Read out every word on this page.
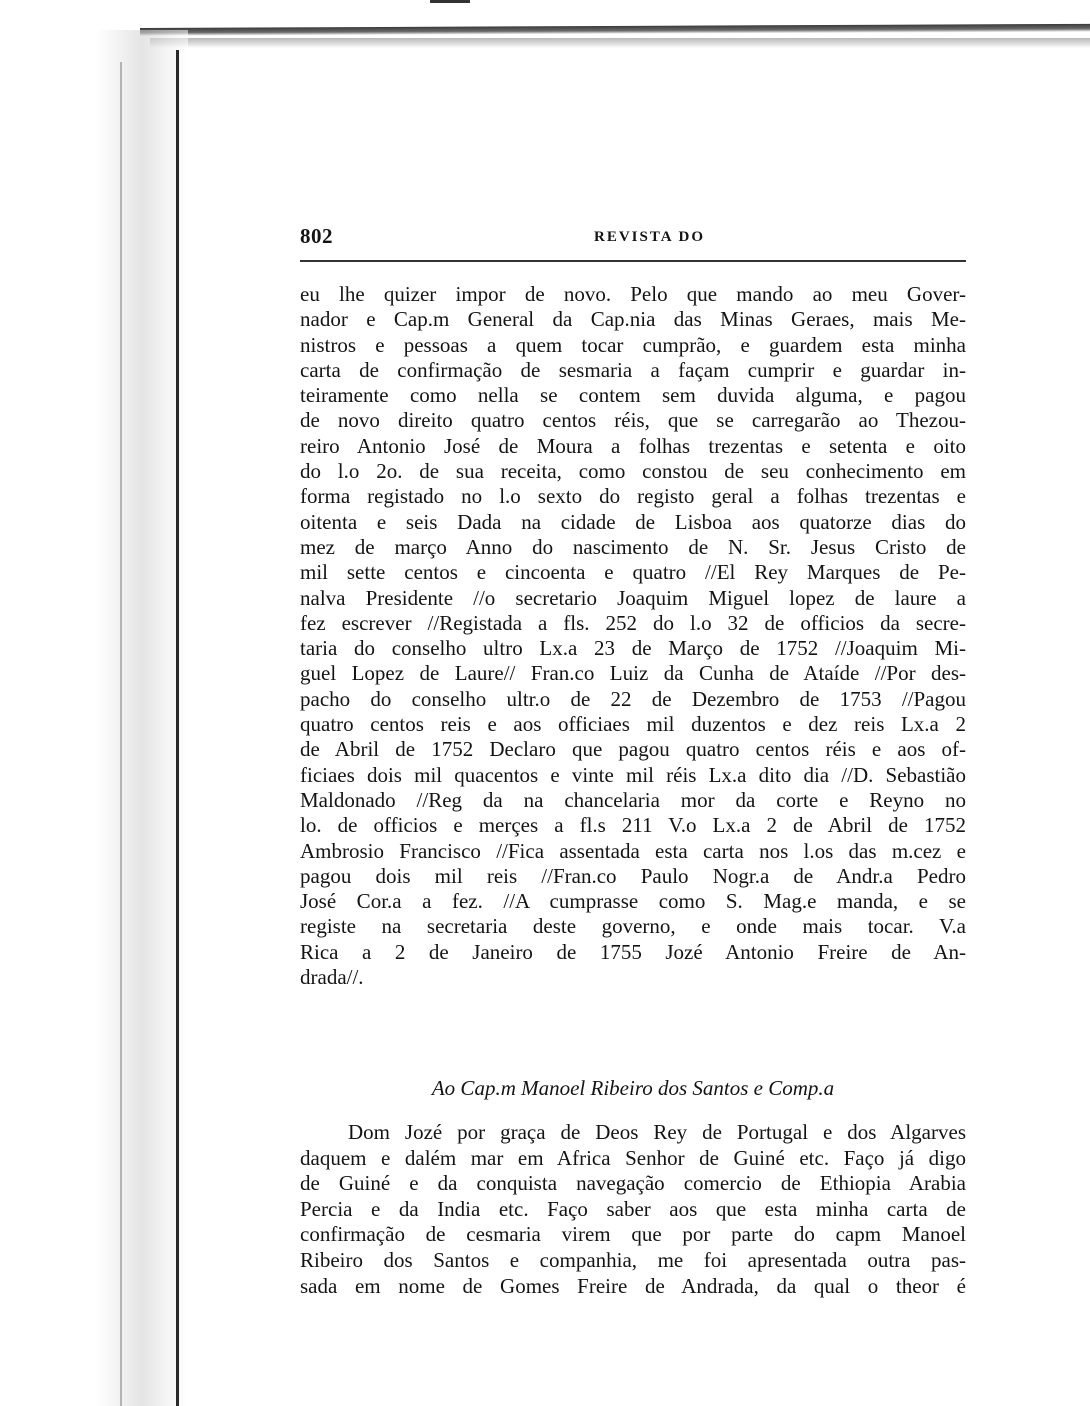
802	REVISTA DO
eu lhe quizer impor de novo. Pelo que mando ao meu Gover-
nador e Cap.m General da Cap.nia das Minas Geraes, mais Me-
nistros e pessoas a quem tocar cumprão, e guardem esta minha
carta de confirmação de sesmaria a façam cumprir e guardar in-
teiramente como nella se contem sem duvida alguma, e pagou
de novo direito quatro centos réis, que se carregarão ao Thezou-
reiro Antonio José de Moura a folhas trezentas e setenta e oito
do l.o 2o. de sua receita, como constou de seu conhecimento em
forma registado no l.o sexto do registo geral a folhas trezentas e
oitenta e seis Dada na cidade de Lisboa aos quatorze dias do
mez de março Anno do nascimento de N. Sr. Jesus Cristo de
mil sette centos e cincoenta e quatro //El Rey Marques de Pe-
nalva Presidente //o secretario Joaquim Miguel lopez de laure a
fez escrever //Registada a fls. 252 do l.o 32 de officios da secre-
taria do conselho ultro Lx.a 23 de Março de 1752 //Joaquim Mi-
guel Lopez de Laure// Fran.co Luiz da Cunha de Ataíde //Por des-
pacho do conselho ultr.o de 22 de Dezembro de 1753 //Pagou
quatro centos reis e aos officiaes mil duzentos e dez reis Lx.a 2
de Abril de 1752 Declaro que pagou quatro centos réis e aos of-
ficiaes dois mil quacentos e vinte mil réis Lx.a dito dia //D. Sebastião
Maldonado //Reg da na chancelaria mor da corte e Reyno no
lo. de officios e merçes a fl.s 211 V.o Lx.a 2 de Abril de 1752
Ambrosio Francisco //Fica assentada esta carta nos l.os das m.cez e
pagou dois mil reis //Fran.co Paulo Nogr.a de Andr.a Pedro
José Cor.a a fez. //A cumprasse como S. Mag.e manda, e se
registe na secretaria deste governo, e onde mais tocar. V.a
Rica a 2 de Janeiro de 1755 Jozé Antonio Freire de An-
drada//.
Ao Cap.m Manoel Ribeiro dos Santos e Comp.a
Dom Jozé por graça de Deos Rey de Portugal e dos Algarves
daquem e dalém mar em Africa Senhor de Guiné etc. Faço já digo
de Guiné e da conquista navegação comercio de Ethiopia Arabia
Percia e da India etc. Faço saber aos que esta minha carta de
confirmação de cesmaria virem que por parte do capm Manoel
Ribeiro dos Santos e companhia, me foi apresentada outra pas-
sada em nome de Gomes Freire de Andrada, da qual o theor é
